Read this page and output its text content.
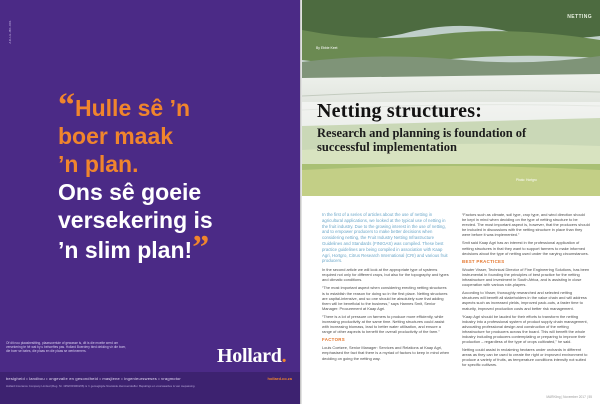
AD-HL-BK-001
“Hulle sê ’n
boer maak
’n plan.
Ons sê goeie
versekering is
’n slim plan!”
Of dit nou plaasbesitting, plaasvoertuie of gewasse is, dit is die moeite werd om versekering te hê wat by u behoeftes pas. Hollard Boerdery bied dekking vir die boer, die boer se bates, die plaas en die plaas se werknemers.	Hollard.
besigheid • landbou • ongevalle en gesondheid • masjiene • ingenieursweses • vragmotor	hollard.co.za
Hollard Insurance Company Limited (Reg. Nr. 1952/003004/06) is 'n gemagtigde finansiële diensverskaffer. Bepalings en voorwaardes is van toepassing.
NETTING
By Ebbie Keet
Netting structures:
Research and planning is foundation of successful implementation
Photo: Hortgro

In the first of a series of articles about the use of netting in agricultural applications, we looked at the typical use of netting in the fruit industry. Due to the growing interest in the use of netting, and to empower producers to make better decisions when considering netting, the Fruit Industry Netting Infrastructure Guidelines and Standards (FINIGAS) was compiled. These best practice guidelines are being compiled in association with Kaap Agri, Hortgro, Citrus Research International (CRI) and various fruit producers.

In the second article we will look at the appropriate type of systems required not only for different crops, but also for the topography and types and climatic conditions.

“The most important aspect when considering erecting netting structures is to establish the reason for doing so in the first place. Netting structures are capital-intensive, and so one should be absolutely sure that adding them will be beneficial to the business,” says Hannes Smit, Senior Manager: Procurement at Kaap Agri.

“There is a lot of pressure on farmers to produce more efficiently, while increasing productivity at the same time. Netting structures could assist with increasing biomass, lead to better water utilisation, and ensure a range of other aspects to benefit the overall productivity of the farm.”

FACTORS

Louis Coetzee, Senior Manager: Services and Relations at Kaap Agri, emphasised the fact that there is a myriad of factors to keep in mind when deciding on going the netting way.

“Factors such as climate, soil type, crop type, and wind direction should be kept in mind when deciding on the type of netting structure to be erected. The most important aspect is, however, that the producers should be included in discussions with the netting structure in place than they were before it was implemented.”

Smit said Kaap Agri has an interest in the professional application of netting structures in that they want to support farmers to make informed decisions about the type of netting used under the varying circumstances.

BEST PRACTICES

Wouter Visser, Technical Director of Fine Engineering Solutions, has been instrumental in founding the principles of best practice for the netting infrastructure and investment in South Africa, and is assisting in close cooperation with various role-players.

According to Visser, thoroughly researched and selected netting structures will benefit all stakeholders in the value chain and will address aspects such as increased yields, improved pack-outs, a faster time to maturity, improved production costs and better risk management.

“Kaap Agri should be lauded for their efforts to transform the netting industry into a professional system of product supply chain management, advocating professional design and construction of the netting infrastructure for producers across the board. This will benefit the whole industry including producers contemplating or preparing to improve their production – regardless of the type of crops cultivated,” he said.

Netting could assist in reclaiming hectares under orchards in different areas as they can be used to create the right or improved environment to produce a variety of fruits, as temperature conditions intensify not suited for specific cultivars.

MARKiing | November 2017 | 55
